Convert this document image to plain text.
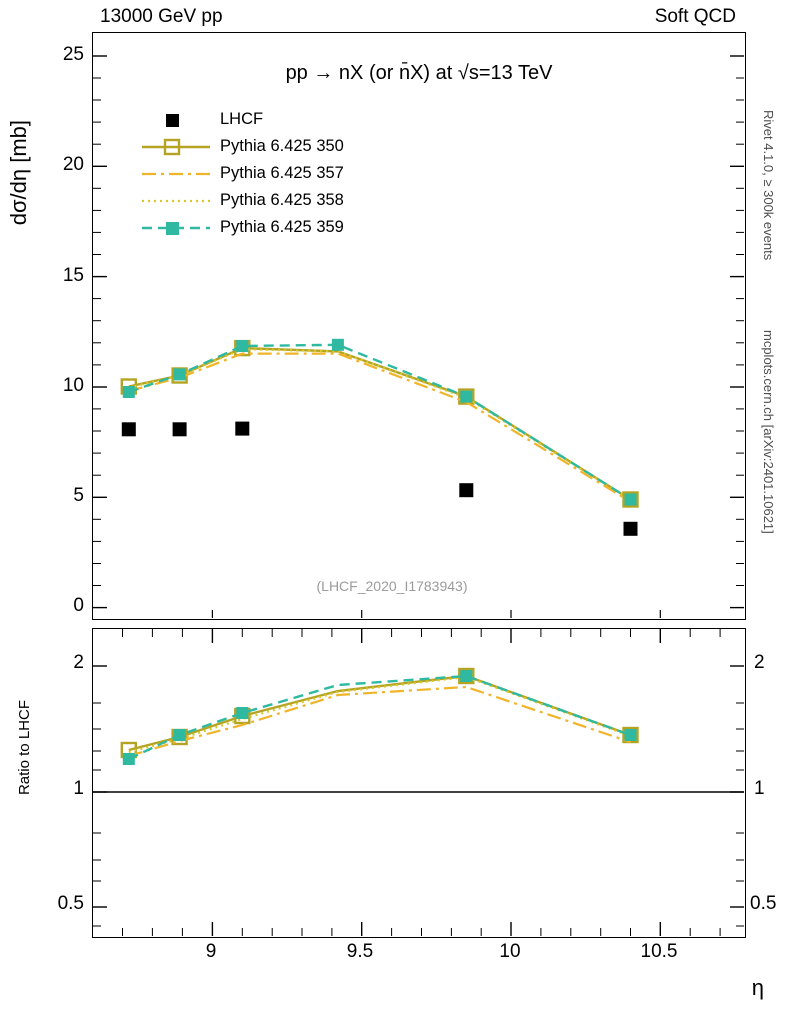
13000 GeV pp	Soft QCD
Rivet 4.1.0, ≥ 300k events
mcplots.cern.ch [arXiv:2401.10621]
dσ/dη [mb]
0
5
10
15
20
25
pp → nX (or n̄X) at √s=13 TeV
(LHCF_2020_I1783943)
LHCF
Pythia 6.425 350
Pythia 6.425 357
Pythia 6.425 358
Pythia 6.425 359
2
1
0.5
2
1
0.5
Ratio to LHCF
9	9.5	10	10.5
η
